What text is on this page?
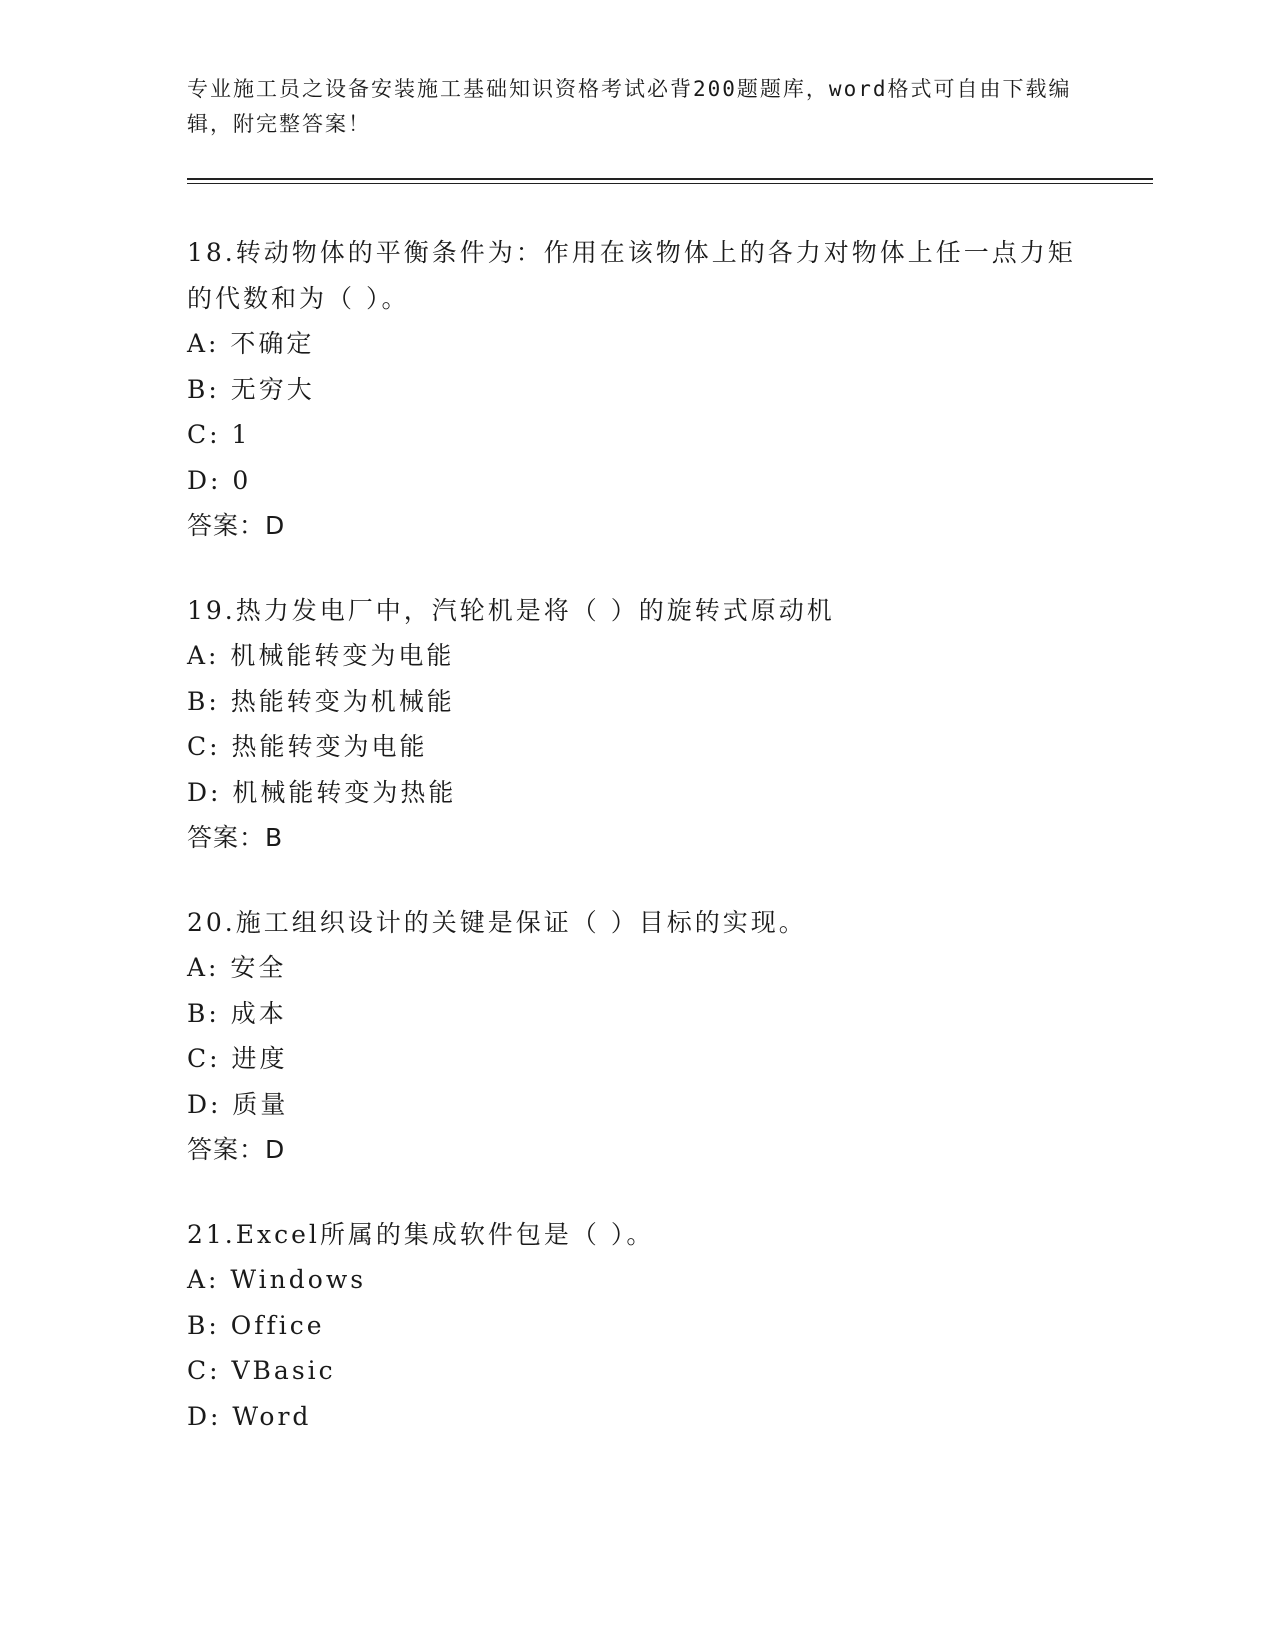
专业施工员之设备安装施工基础知识资格考试必背200题题库，word格式可自由下载编辑，附完整答案！
18.转动物体的平衡条件为：作用在该物体上的各力对物体上任一点力矩的代数和为（ ）。
A: 不确定
B: 无穷大
C: 1
D: 0
答案：D
19.热力发电厂中，汽轮机是将（ ）的旋转式原动机
A: 机械能转变为电能
B: 热能转变为机械能
C: 热能转变为电能
D: 机械能转变为热能
答案：B
20.施工组织设计的关键是保证（ ）目标的实现。
A: 安全
B: 成本
C: 进度
D: 质量
答案：D
21.Excel所属的集成软件包是（ ）。
A: Windows
B: Office
C: VBasic
D: Word
